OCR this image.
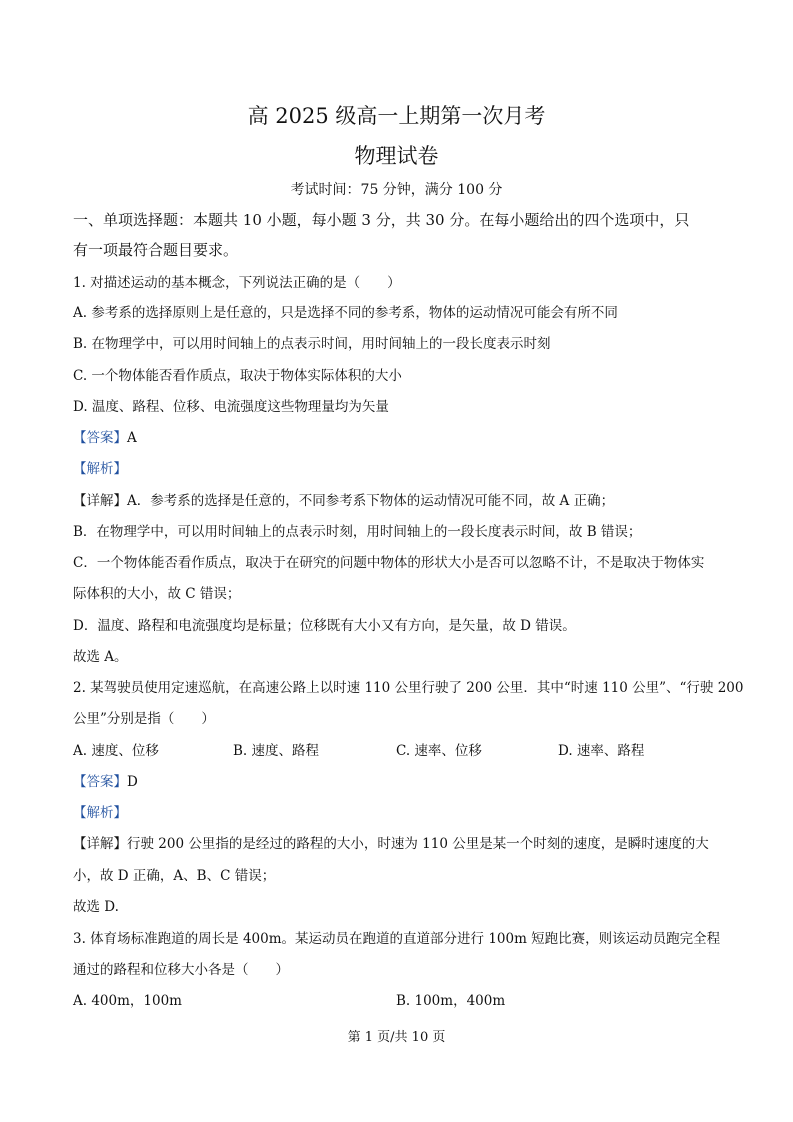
高 2025 级高一上期第一次月考
物理试卷
考试时间：75 分钟，满分 100 分
一、单项选择题：本题共 10 小题，每小题 3 分，共 30 分。在每小题给出的四个选项中，只
有一项最符合题目要求。
1. 对描述运动的基本概念，下列说法正确的是（　　）
A. 参考系的选择原则上是任意的，只是选择不同的参考系，物体的运动情况可能会有所不同
B. 在物理学中，可以用时间轴上的点表示时间，用时间轴上的一段长度表示时刻
C. 一个物体能否看作质点，取决于物体实际体积的大小
D. 温度、路程、位移、电流强度这些物理量均为矢量
【答案】A
【解析】
【详解】A．参考系的选择是任意的，不同参考系下物体的运动情况可能不同，故 A 正确；
B．在物理学中，可以用时间轴上的点表示时刻，用时间轴上的一段长度表示时间，故 B 错误；
C．一个物体能否看作质点，取决于在研究的问题中物体的形状大小是否可以忽略不计，不是取决于物体实
际体积的大小，故 C 错误；
D．温度、路程和电流强度均是标量；位移既有大小又有方向，是矢量，故 D 错误。
故选 A。
2. 某驾驶员使用定速巡航，在高速公路上以时速 110 公里行驶了 200 公里．其中“时速 110 公里”、“行驶 200
公里”分别是指（　　）
A. 速度、位移	B. 速度、路程	C. 速率、位移	D. 速率、路程
【答案】D
【解析】
【详解】行驶 200 公里指的是经过的路程的大小，时速为 110 公里是某一个时刻的速度，是瞬时速度的大
小，故 D 正确，A、B、C 错误；
故选 D.
3. 体育场标准跑道的周长是 400m。某运动员在跑道的直道部分进行 100m 短跑比赛，则该运动员跑完全程
通过的路程和位移大小各是（　　）
A. 400m，100m	B. 100m，400m
第 1 页/共 10 页
